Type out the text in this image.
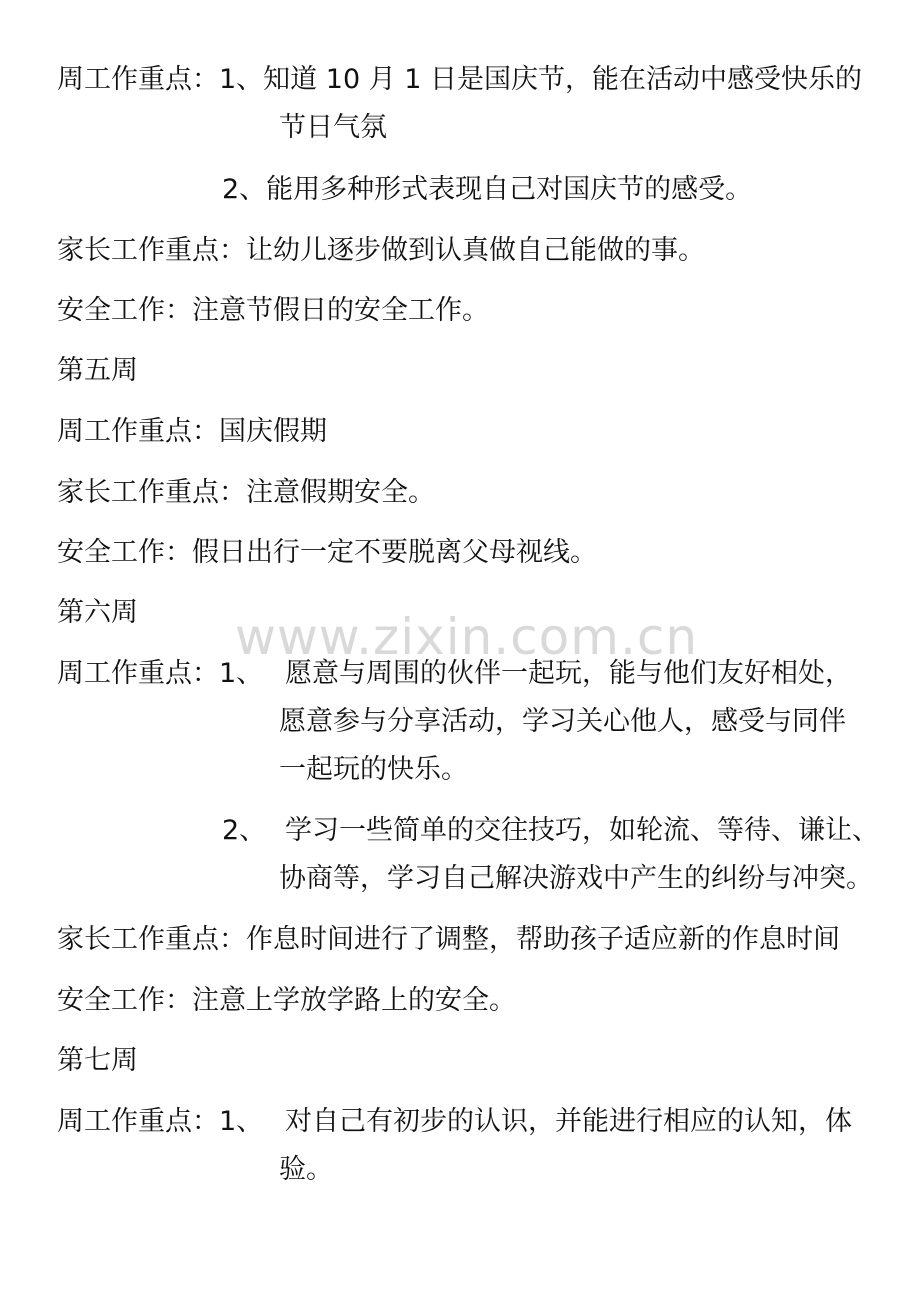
www.zixin.com.cn
周工作重点：1、知道 10 月 1 日是国庆节，能在活动中感受快乐的
节日气氛
2、能用多种形式表现自己对国庆节的感受。
家长工作重点：让幼儿逐步做到认真做自己能做的事。
安全工作：注意节假日的安全工作。
第五周
周工作重点：国庆假期
家长工作重点：注意假期安全。
安全工作：假日出行一定不要脱离父母视线。
第六周
周工作重点：1、 愿意与周围的伙伴一起玩，能与他们友好相处，
愿意参与分享活动，学习关心他人，感受与同伴
一起玩的快乐。
2、 学习一些简单的交往技巧，如轮流、等待、谦让、
协商等，学习自己解决游戏中产生的纠纷与冲突。
家长工作重点：作息时间进行了调整，帮助孩子适应新的作息时间
安全工作：注意上学放学路上的安全。
第七周
周工作重点：1、 对自己有初步的认识，并能进行相应的认知，体
验。
